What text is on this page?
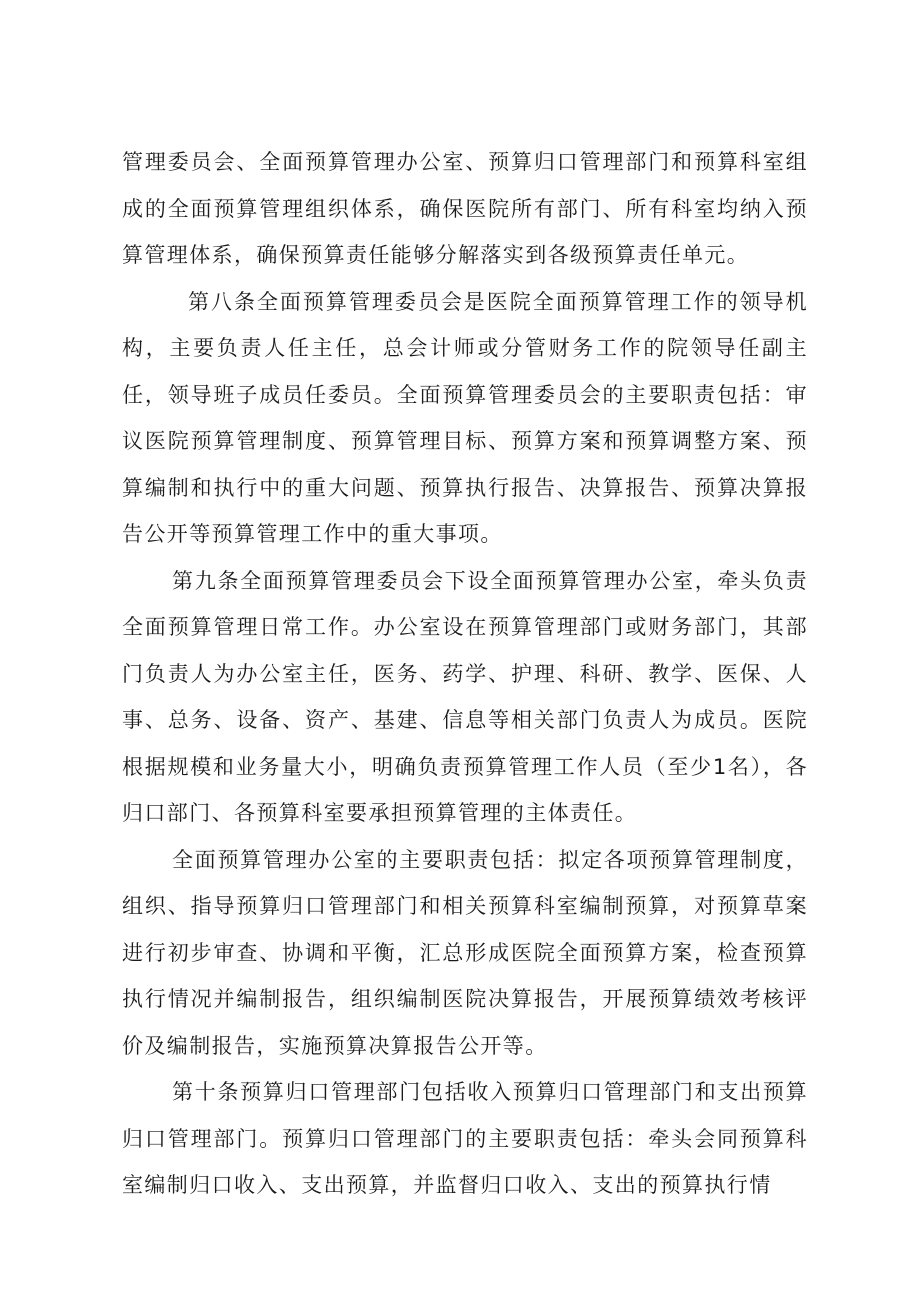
管理委员会、全面预算管理办公室、预算归口管理部门和预算科室组成的全面预算管理组织体系，确保医院所有部门、所有科室均纳入预算管理体系，确保预算责任能够分解落实到各级预算责任单元。

第八条全面预算管理委员会是医院全面预算管理工作的领导机构，主要负责人任主任，总会计师或分管财务工作的院领导任副主任，领导班子成员任委员。全面预算管理委员会的主要职责包括：审议医院预算管理制度、预算管理目标、预算方案和预算调整方案、预算编制和执行中的重大问题、预算执行报告、决算报告、预算决算报告公开等预算管理工作中的重大事项。

第九条全面预算管理委员会下设全面预算管理办公室，牵头负责全面预算管理日常工作。办公室设在预算管理部门或财务部门，其部门负责人为办公室主任，医务、药学、护理、科研、教学、医保、人事、总务、设备、资产、基建、信息等相关部门负责人为成员。医院根据规模和业务量大小，明确负责预算管理工作人员（至少1名），各归口部门、各预算科室要承担预算管理的主体责任。

全面预算管理办公室的主要职责包括：拟定各项预算管理制度，组织、指导预算归口管理部门和相关预算科室编制预算，对预算草案进行初步审查、协调和平衡，汇总形成医院全面预算方案，检查预算执行情况并编制报告，组织编制医院决算报告，开展预算绩效考核评价及编制报告，实施预算决算报告公开等。

第十条预算归口管理部门包括收入预算归口管理部门和支出预算归口管理部门。预算归口管理部门的主要职责包括：牵头会同预算科室编制归口收入、支出预算，并监督归口收入、支出的预算执行情
